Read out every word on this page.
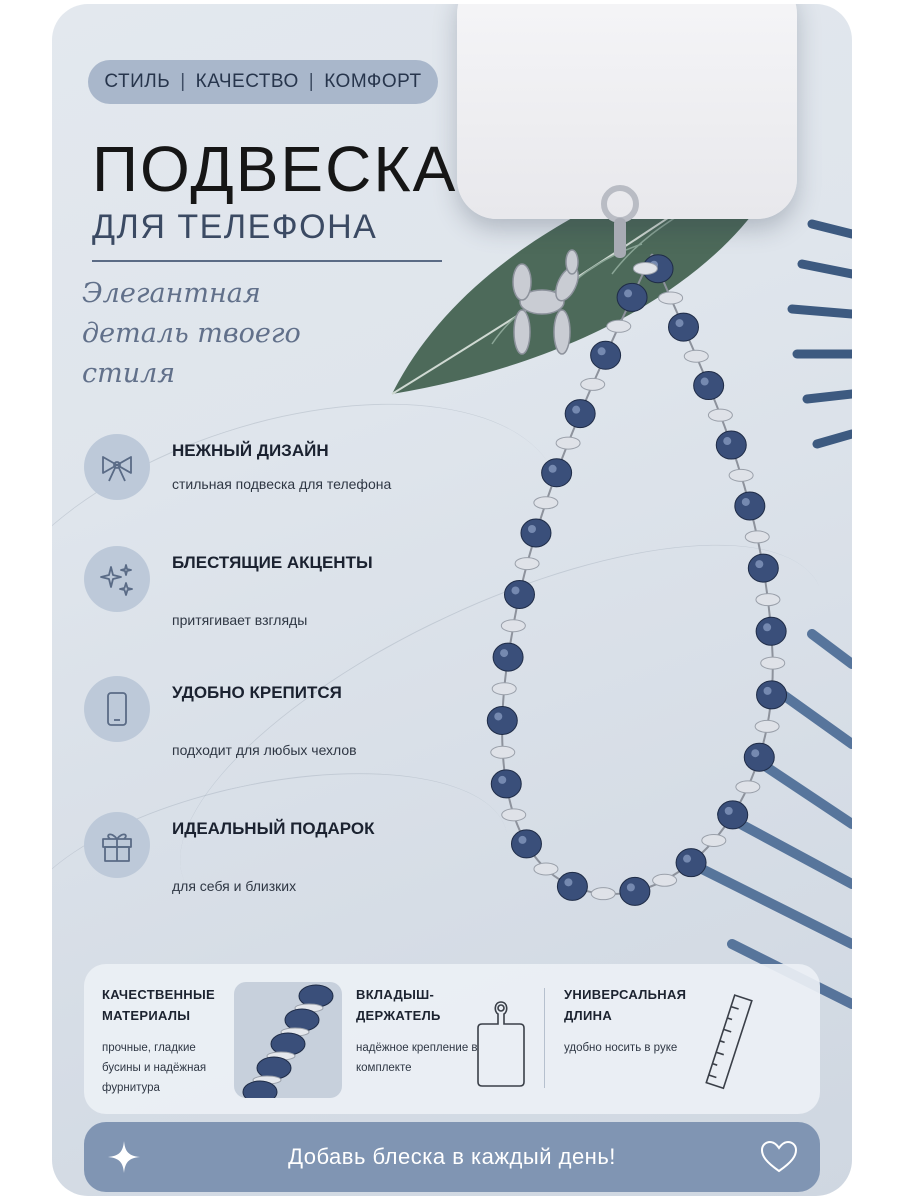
СТИЛЬ | КАЧЕСТВО | КОМФОРТ
ПОДВЕСКА
ДЛЯ ТЕЛЕФОНА
Элегантная
деталь твоего
стиля
НЕЖНЫЙ ДИЗАЙН
стильная подвеска для телефона
БЛЕСТЯЩИЕ АКЦЕНТЫ
притягивает взгляды
УДОБНО КРЕПИТСЯ
подходит для любых чехлов
ИДЕАЛЬНЫЙ ПОДАРОК
для себя и близких
КАЧЕСТВЕННЫЕ МАТЕРИАЛЫ
прочные, гладкие бусины и надёжная фурнитура
ВКЛАДЫШ-ДЕРЖАТЕЛЬ
надёжное крепление в комплекте
УНИВЕРСАЛЬНАЯ ДЛИНА
удобно носить в руке
Добавь блеска в каждый день!
